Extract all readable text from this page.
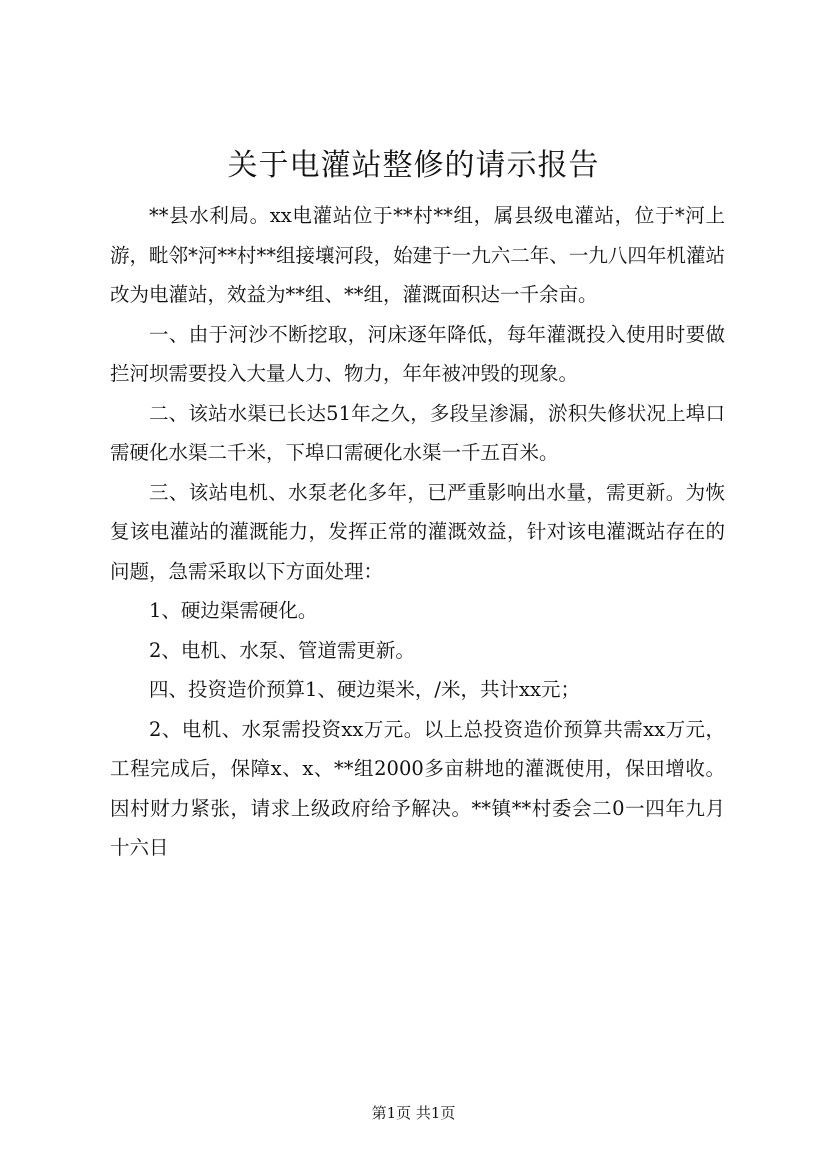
关于电灌站整修的请示报告

**县水利局。xx电灌站位于**村**组，属县级电灌站，位于*河上游，毗邻*河**村**组接壤河段，始建于一九六二年、一九八四年机灌站改为电灌站，效益为**组、**组，灌溉面积达一千余亩。

一、由于河沙不断挖取，河床逐年降低，每年灌溉投入使用时要做拦河坝需要投入大量人力、物力，年年被冲毁的现象。

二、该站水渠已长达51年之久，多段呈渗漏，淤积失修状况上埠口需硬化水渠二千米，下埠口需硬化水渠一千五百米。

三、该站电机、水泵老化多年，已严重影响出水量，需更新。为恢复该电灌站的灌溉能力，发挥正常的灌溉效益，针对该电灌溉站存在的问题，急需采取以下方面处理：

1、硬边渠需硬化。

2、电机、水泵、管道需更新。

四、投资造价预算1、硬边渠米，/米，共计xx元；

2、电机、水泵需投资xx万元。以上总投资造价预算共需xx万元，工程完成后，保障x、x、**组2000多亩耕地的灌溉使用，保田增收。因村财力紧张，请求上级政府给予解决。**镇**村委会二0一四年九月十六日

第1页 共1页
